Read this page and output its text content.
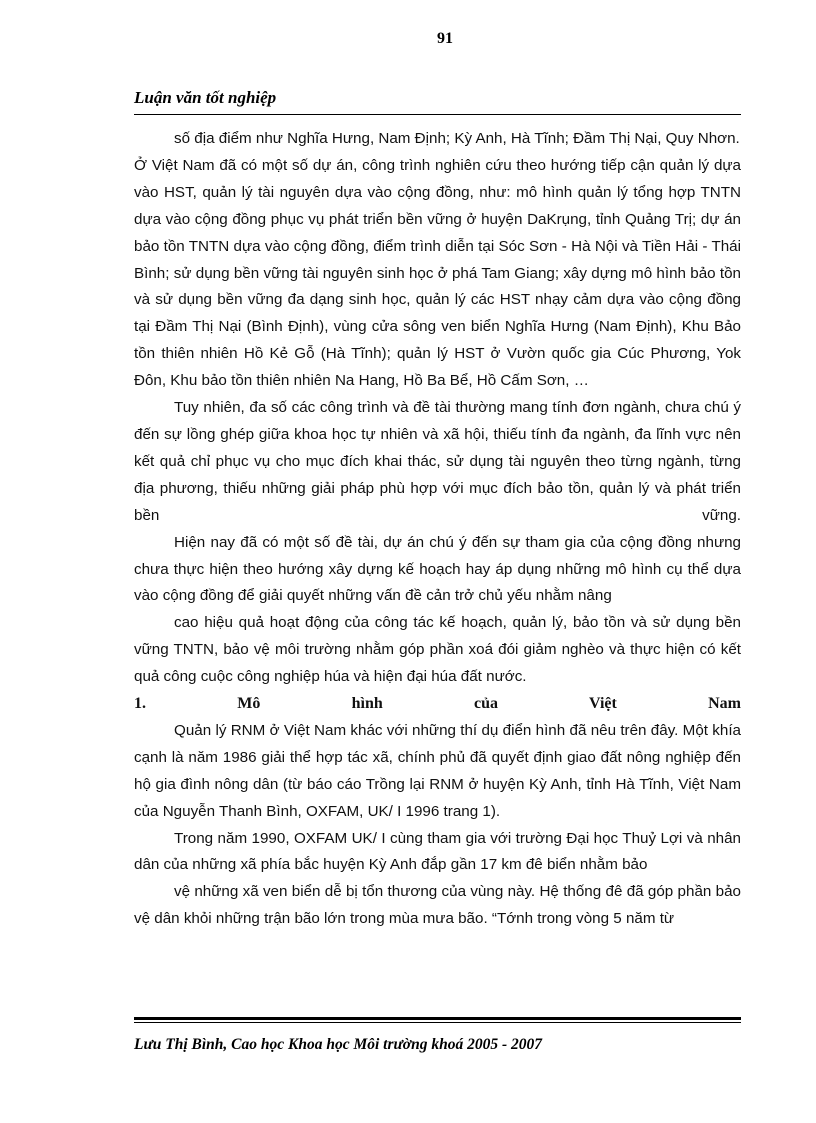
91
Luận văn tốt nghiệp

số địa điểm như Nghĩa Hưng, Nam Định; Kỳ Anh, Hà Tĩnh; Đầm Thị Nại, Quy Nhơn.

Ở Việt Nam đã có một số dự án, công trình nghiên cứu theo hướng tiếp cận quản lý dựa vào HST, quản lý tài nguyên dựa vào cộng đồng, như: mô hình quản lý tổng hợp TNTN dựa vào cộng đồng phục vụ phát triển bền vững ở huyện DaKrụng, tỉnh Quảng Trị; dự án bảo tồn TNTN dựa vào cộng đồng, điểm trình diễn tại Sóc Sơn - Hà Nội và Tiền Hải - Thái Bình; sử dụng bền vững tài nguyên sinh học ở phá Tam Giang; xây dựng mô hình bảo tồn và sử dụng bền vững đa dạng sinh học, quản lý các HST nhạy cảm dựa vào cộng đồng tại Đầm Thị Nại (Bình Định), vùng cửa sông ven biển Nghĩa Hưng (Nam Định), Khu Bảo tồn thiên nhiên Hồ Kẻ Gỗ (Hà Tĩnh); quản lý HST ở Vườn quốc gia Cúc Phương, Yok Đôn, Khu bảo tồn thiên nhiên Na Hang, Hồ Ba Bể, Hồ Cấm Sơn, …

Tuy nhiên, đa số các công trình và đề tài thường mang tính đơn ngành, chưa chú ý đến sự lồng ghép giữa khoa học tự nhiên và xã hội, thiếu tính đa ngành, đa lĩnh vực nên kết quả chỉ phục vụ cho mục đích khai thác, sử dụng tài nguyên theo từng ngành, từng địa phương, thiếu những giải pháp phù hợp với mục đích bảo tồn, quản lý và phát triển bền vững.

Hiện nay đã có một số đề tài, dự án chú ý đến sự tham gia của cộng đồng nhưng chưa thực hiện theo hướng xây dựng kế hoạch hay áp dụng những mô hình cụ thể dựa vào cộng đồng để giải quyết những vấn đề cản trở chủ yếu nhằm nâng

cao hiệu quả hoạt động của công tác kế hoạch, quản lý, bảo tồn và sử dụng bền vững TNTN, bảo vệ môi trường nhằm góp phần xoá đói giảm nghèo và thực hiện có kết quả công cuộc công nghiệp húa và hiện đại húa đất nước.

1. Mô hình của Việt Nam

Quản lý RNM ở Việt Nam khác với những thí dụ điển hình đã nêu trên đây. Một khía cạnh là năm 1986 giải thể hợp tác xã, chính phủ đã quyết định giao đất nông nghiệp đến hộ gia đình nông dân (từ báo cáo Trồng lại RNM ở huyện Kỳ Anh, tỉnh Hà Tĩnh, Việt Nam của Nguyễn Thanh Bình, OXFAM, UK/ I 1996 trang 1).

Trong năm 1990, OXFAM UK/ I cùng tham gia với trường Đại học Thuỷ Lợi và nhân dân của những xã phía bắc huyện Kỳ Anh đắp gần 17 km đê biển nhằm bảo

vệ những xã ven biển dễ bị tổn thương của vùng này. Hệ thống đê đã góp phần bảo vệ dân khỏi những trận bão lớn trong mùa mưa bão. “Tớnh trong vòng 5 năm từ

Lưu Thị Bình, Cao học Khoa học Môi trường khoá 2005 - 2007
